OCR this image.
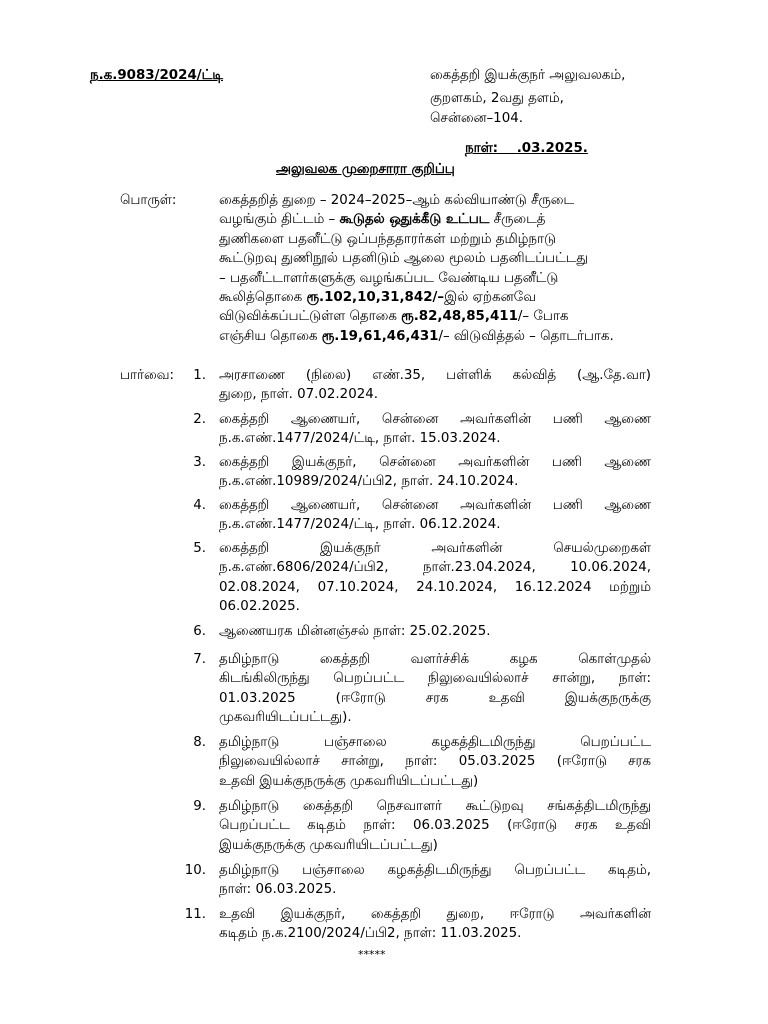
ந.க.9083/2024/ட்டி	கைத்தறி இயக்குநர் அலுவலகம்,
குறளகம், 2வது தளம்,
சென்னை–104.
நாள்: .03.2025.
அலுவலக முறைசாரா குறிப்பு
பொருள்:	கைத்தறித் துறை – 2024–2025–ஆம் கல்வியாண்டு சீருடை
வழங்கும் திட்டம் – கூடுதல் ஒதுக்கீடு உட்பட சீருடைத்
துணிகளை பதனீட்டு ஒப்பந்ததாரர்கள் மற்றும் தமிழ்நாடு
கூட்டுறவு துணிநூல் பதனிடும் ஆலை மூலம் பதனிடப்பட்டது
– பதனீட்டாளர்களுக்கு வழங்கப்பட வேண்டிய பதனீட்டு
கூலித்தொகை ரூ.102,10,31,842/–இல் ஏற்கனவே
விடுவிக்கப்பட்டுள்ள தொகை ரூ.82,48,85,411/– போக
எஞ்சிய தொகை ரூ.19,61,46,431/– விடுவித்தல் – தொடர்பாக.
பார்வை:	1. அரசாணை (நிலை) எண்.35, பள்ளிக் கல்வித் (ஆ.தே.வா)
துறை, நாள். 07.02.2024.
2. கைத்தறி ஆணையர், சென்னை அவர்களின் பணி ஆணை
ந.க.எண்.1477/2024/ட்டி, நாள். 15.03.2024.
3. கைத்தறி இயக்குநர், சென்னை அவர்களின் பணி ஆணை
ந.க.எண்.10989/2024/ப்பி2, நாள். 24.10.2024.
4. கைத்தறி ஆணையர், சென்னை அவர்களின் பணி ஆணை
ந.க.எண்.1477/2024/ட்டி, நாள். 06.12.2024.
5. கைத்தறி இயக்குநர் அவர்களின் செயல்முறைகள்
ந.க.எண்.6806/2024/ப்பி2, நாள்.23.04.2024, 10.06.2024,
02.08.2024, 07.10.2024, 24.10.2024, 16.12.2024 மற்றும்
06.02.2025.
6. ஆணையரக மின்னஞ்சல் நாள்: 25.02.2025.
7. தமிழ்நாடு கைத்தறி வளர்ச்சிக் கழக கொள்முதல்
கிடங்கிலிருந்து பெறப்பட்ட நிலுவையில்லாச் சான்று, நாள்:
01.03.2025 (ஈரோடு சரக உதவி இயக்குநருக்கு
முகவரியிடப்பட்டது).
8. தமிழ்நாடு பஞ்சாலை கழகத்திடமிருந்து பெறப்பட்ட
நிலுவையில்லாச் சான்று, நாள்: 05.03.2025 (ஈரோடு சரக
உதவி இயக்குநருக்கு முகவரியிடப்பட்டது)
9. தமிழ்நாடு கைத்தறி நெசவாளர் கூட்டுறவு சங்கத்திடமிருந்து
பெறப்பட்ட கடிதம் நாள்: 06.03.2025 (ஈரோடு சரக உதவி
இயக்குநருக்கு முகவரியிடப்பட்டது)
10. தமிழ்நாடு பஞ்சாலை கழகத்திடமிருந்து பெறப்பட்ட கடிதம்,
நாள்: 06.03.2025.
11. உதவி இயக்குநர், கைத்தறி துறை, ஈரோடு அவர்களின்
கடிதம் ந.க.2100/2024/ப்பி2, நாள்: 11.03.2025.
*****
